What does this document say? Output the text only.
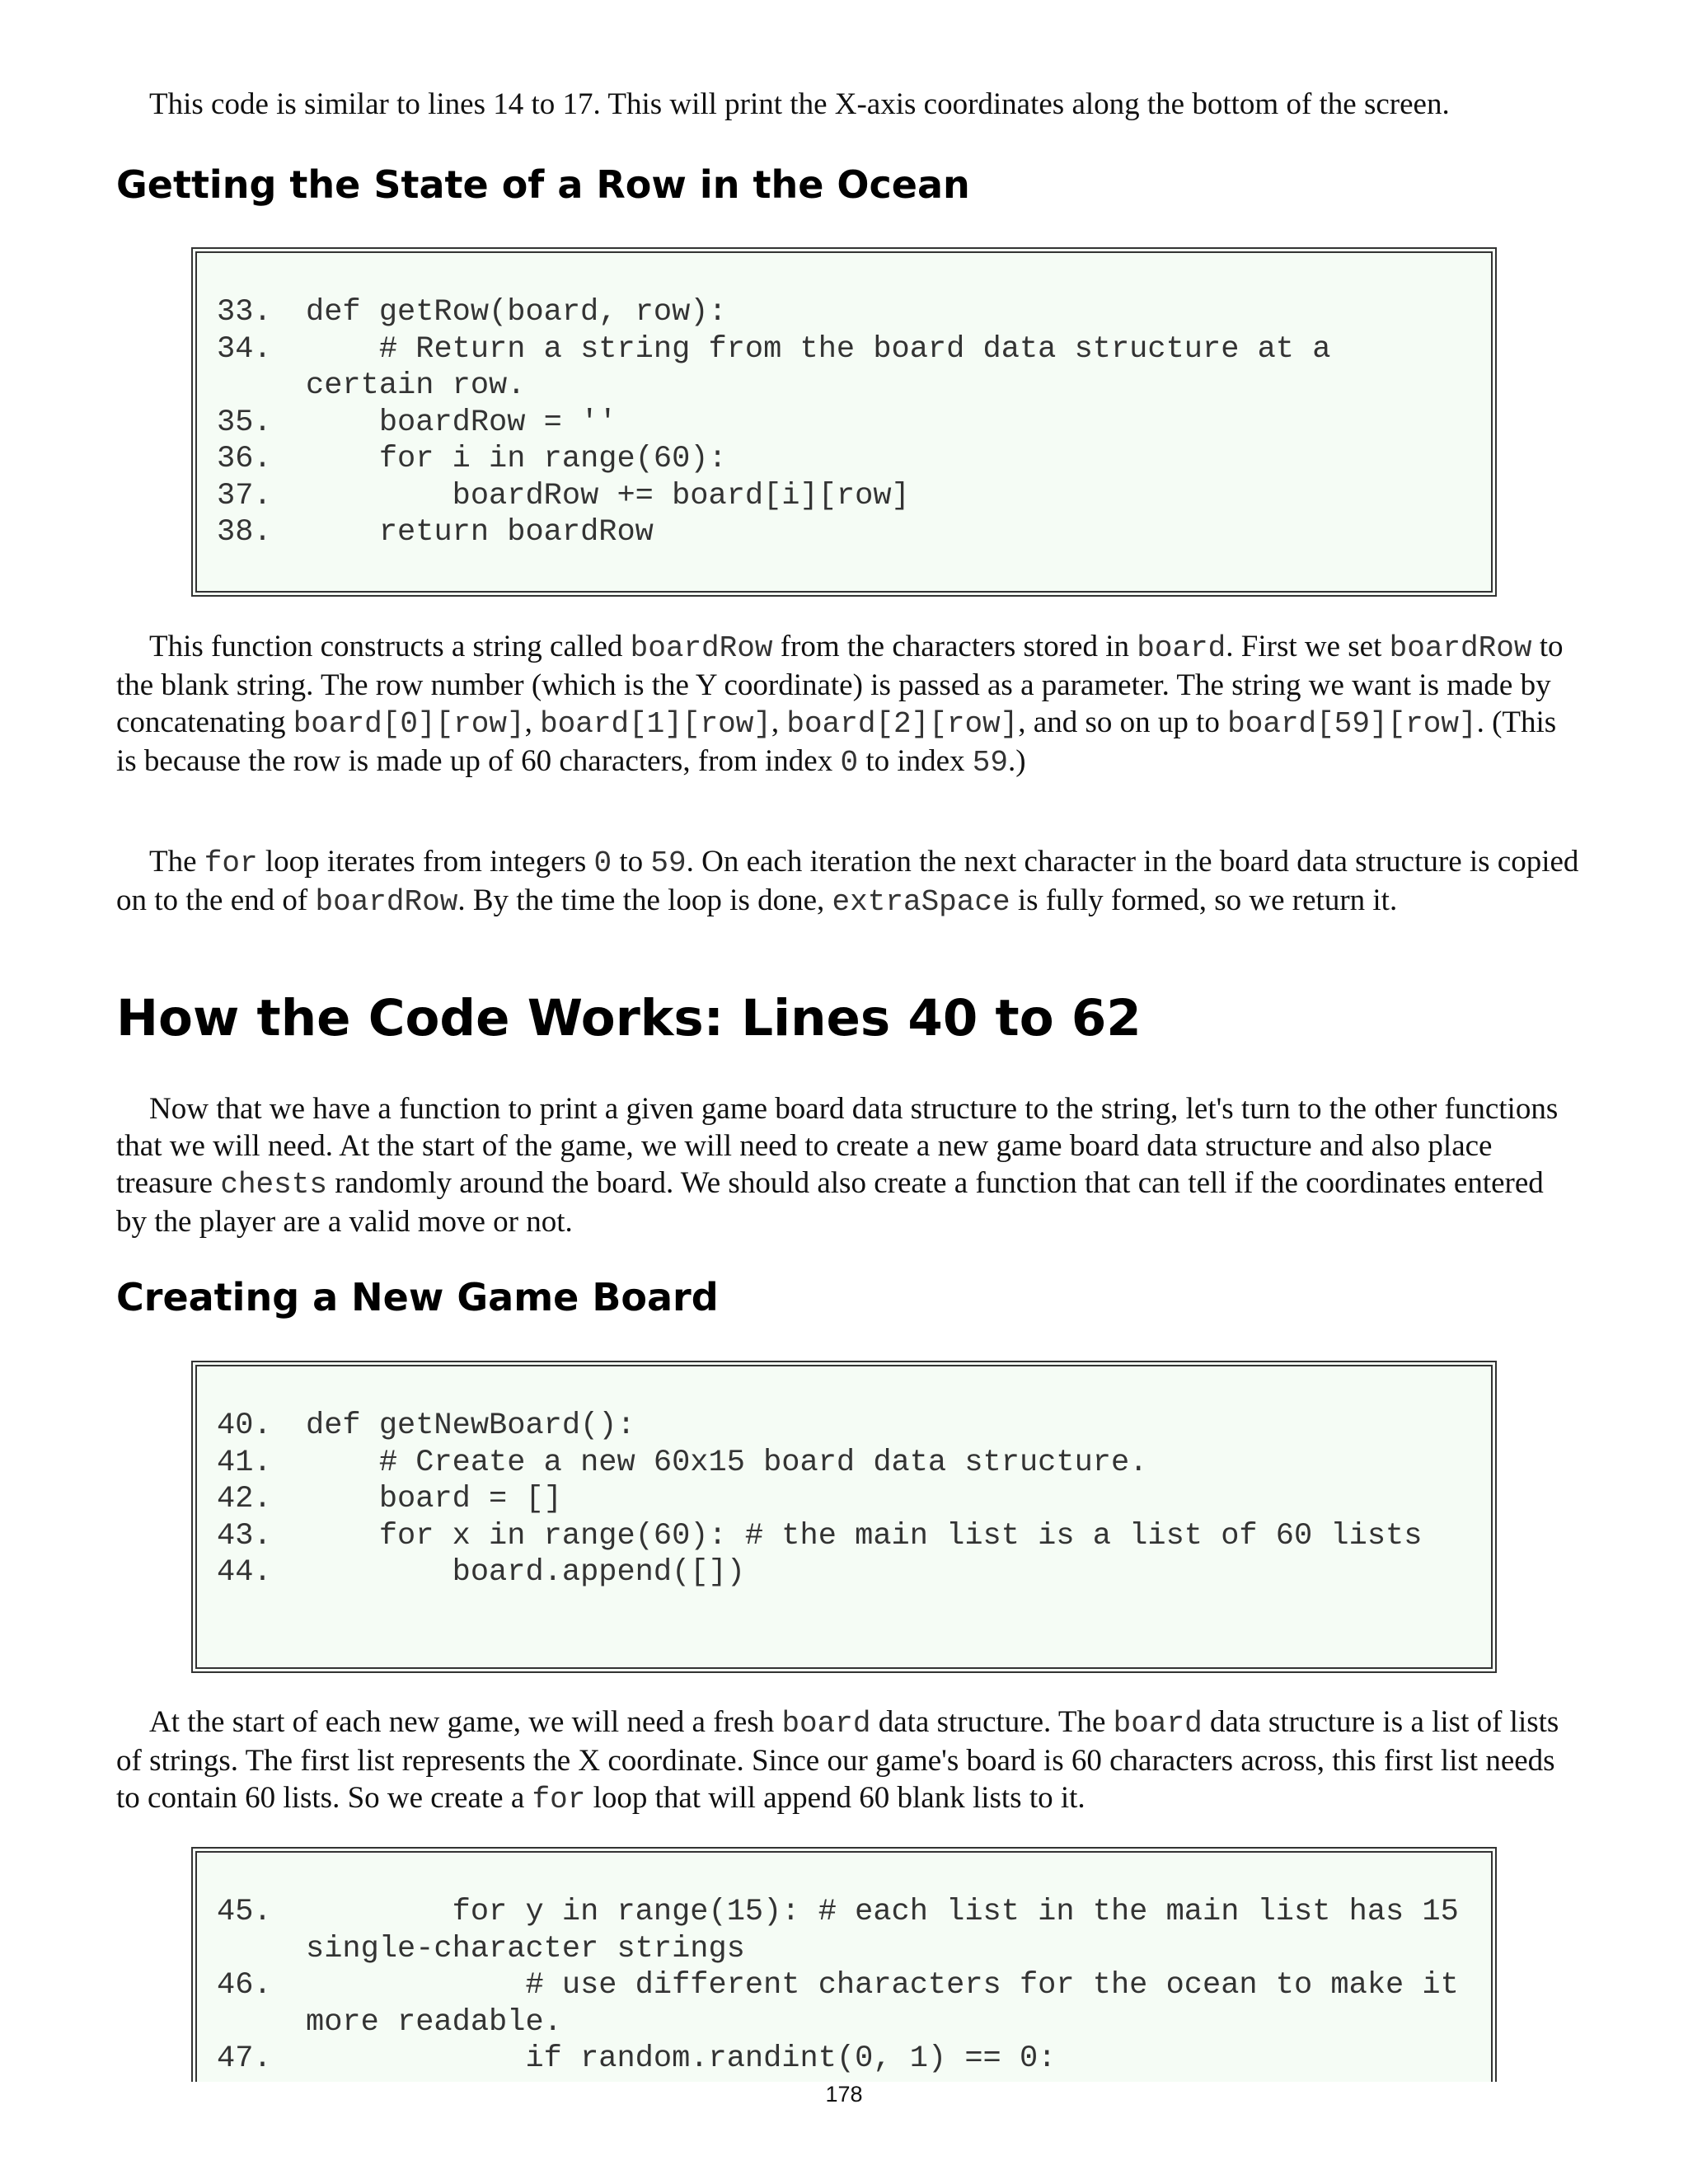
This code is similar to lines 14 to 17. This will print the X-axis coordinates along the bottom of the screen.

Getting the State of a Row in the Ocean
33.	def getRow(board, row):
34.	# Return a string from the board data structure at a certain row.
35.	boardRow = ''
36.	for i in range(60):
37.	boardRow += board[i][row]
38.	return boardRow

This function constructs a string called boardRow from the characters stored in board. First we set boardRow to the blank string. The row number (which is the Y coordinate) is passed as a parameter. The string we want is made by concatenating board[0][row], board[1][row], board[2][row], and so on up to board[59][row]. (This is because the row is made up of 60 characters, from index 0 to index 59.)

The for loop iterates from integers 0 to 59. On each iteration the next character in the board data structure is copied on to the end of boardRow. By the time the loop is done, extraSpace is fully formed, so we return it.

How the Code Works: Lines 40 to 62

Now that we have a function to print a given game board data structure to the string, let's turn to the other functions that we will need. At the start of the game, we will need to create a new game board data structure and also place treasure chests randomly around the board. We should also create a function that can tell if the coordinates entered by the player are a valid move or not.

Creating a New Game Board
40.	def getNewBoard():
41.	# Create a new 60x15 board data structure.
42.	board = []
43.	for x in range(60): # the main list is a list of 60 lists
44.	board.append([])

At the start of each new game, we will need a fresh board data structure. The board data structure is a list of lists of strings. The first list represents the X coordinate. Since our game's board is 60 characters across, this first list needs to contain 60 lists. So we create a for loop that will append 60 blank lists to it.

45.	for y in range(15): # each list in the main list has 15 single-character strings
46.	# use different characters for the ocean to make it more readable.
47.	if random.randint(0, 1) == 0:
178
